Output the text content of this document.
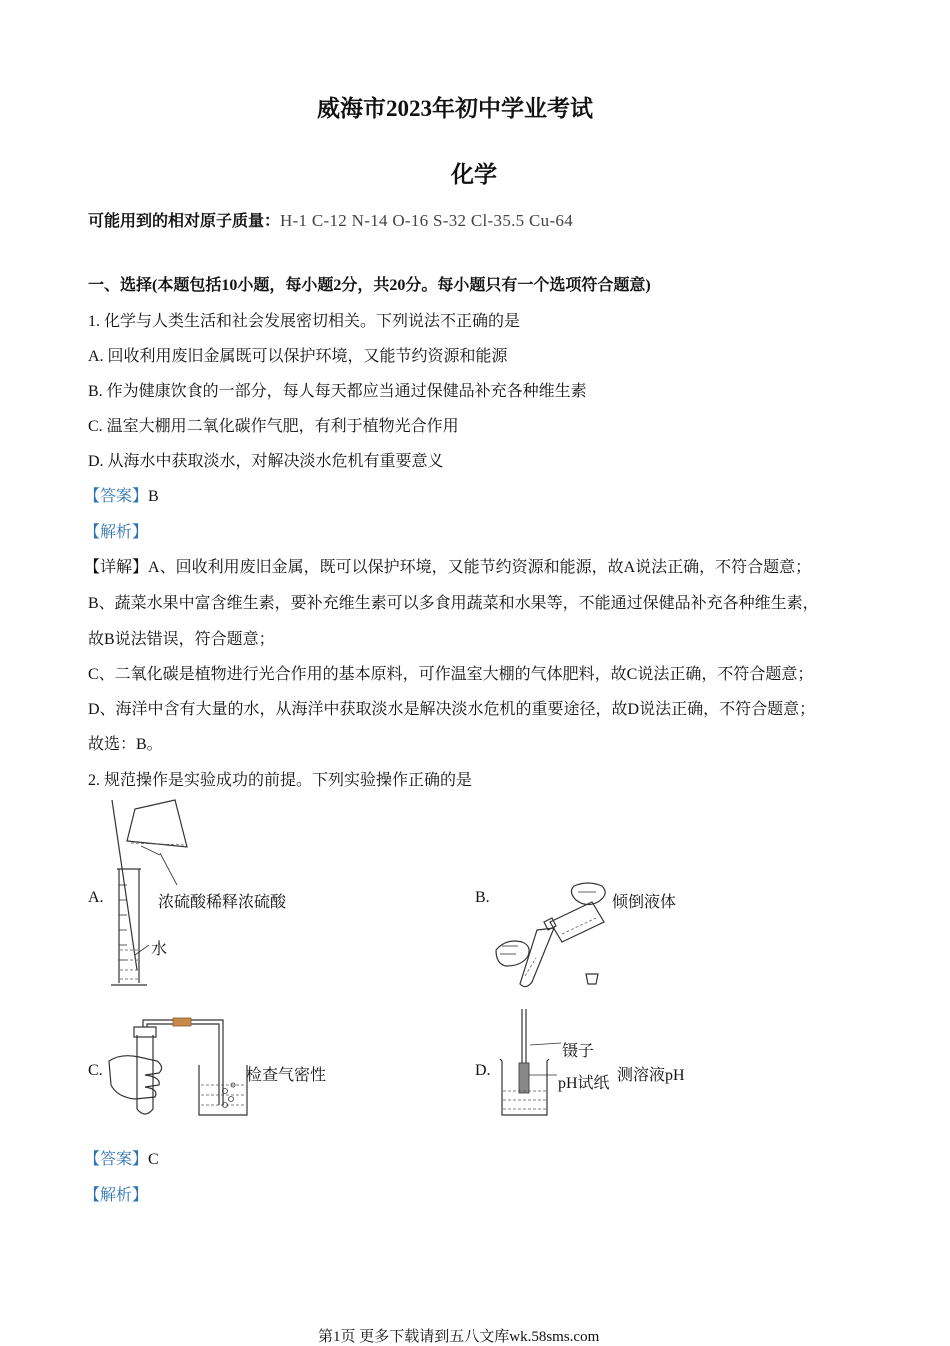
威海市2023年初中学业考试
化学
可能用到的相对原子质量：H-1 C-12 N-14 O-16 S-32 Cl-35.5 Cu-64
一、选择(本题包括10小题，每小题2分，共20分。每小题只有一个选项符合题意)
1. 化学与人类生活和社会发展密切相关。下列说法不正确的是
A. 回收利用废旧金属既可以保护环境，又能节约资源和能源
B. 作为健康饮食的一部分，每人每天都应当通过保健品补充各种维生素
C. 温室大棚用二氧化碳作气肥，有利于植物光合作用
D. 从海水中获取淡水，对解决淡水危机有重要意义
【答案】B
【解析】
【详解】A、回收利用废旧金属，既可以保护环境，又能节约资源和能源，故A说法正确，不符合题意；
B、蔬菜水果中富含维生素，要补充维生素可以多食用蔬菜和水果等，不能通过保健品补充各种维生素，
故B说法错误，符合题意；
C、二氧化碳是植物进行光合作用的基本原料，可作温室大棚的气体肥料，故C说法正确，不符合题意；
D、海洋中含有大量的水，从海洋中获取淡水是解决淡水危机的重要途径，故D说法正确，不符合题意；
故选：B。
2. 规范操作是实验成功的前提。下列实验操作正确的是
A.	浓硫酸稀释浓硫酸
水
B.	倾倒液体
C.	检查气密性	D.
镊子
pH试纸 测溶液pH
【答案】C
【解析】
第1页 更多下载请到五八文库wk.58sms.com
